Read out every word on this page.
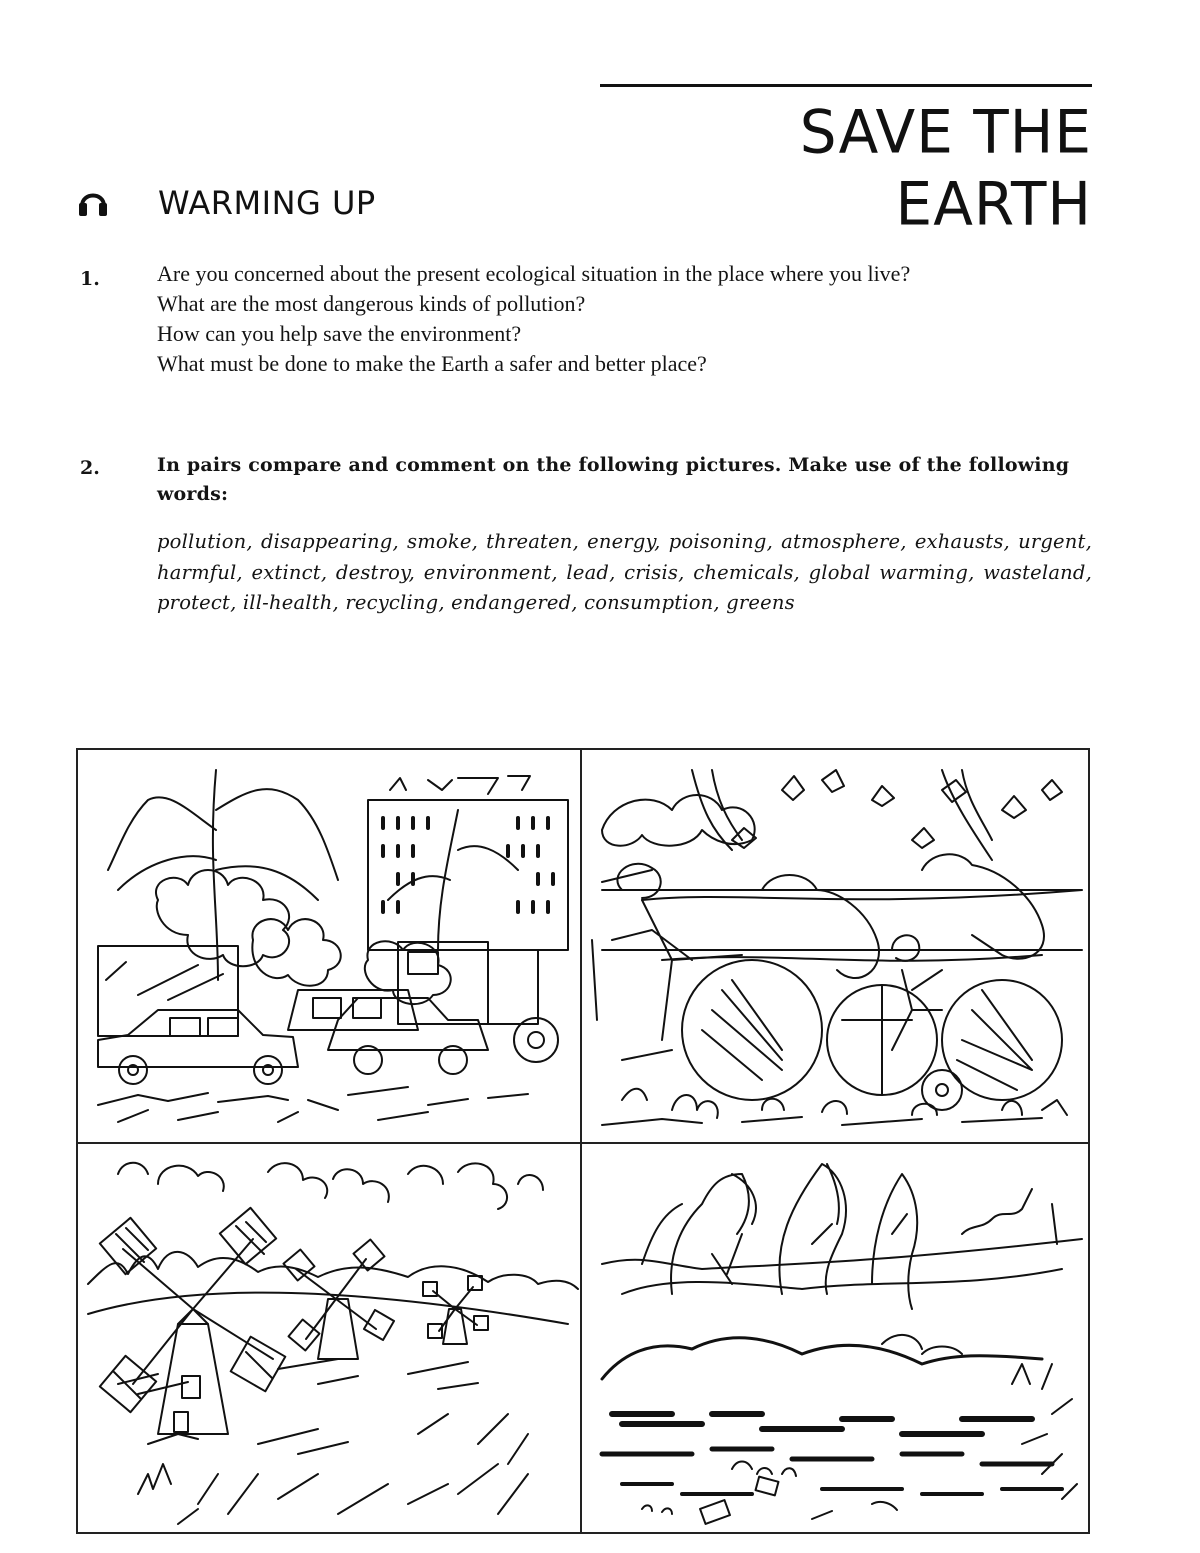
SAVE THE EARTH
WARMING UP
1.	Are you concerned about the present ecological situation in the place where you live?

What are the most dangerous kinds of pollution?

How can you help save the environment?

What must be done to make the Earth a safer and better place?

2.	In pairs compare and comment on the following pictures. Make use of the following words:

pollution, disappearing, smoke, threaten, energy, poisoning, atmosphere, exhausts, urgent, harmful, extinct, destroy, environment, lead, crisis, chemicals, global warming, wasteland, protect, ill-health, recycling, endangered, consumption, greens
